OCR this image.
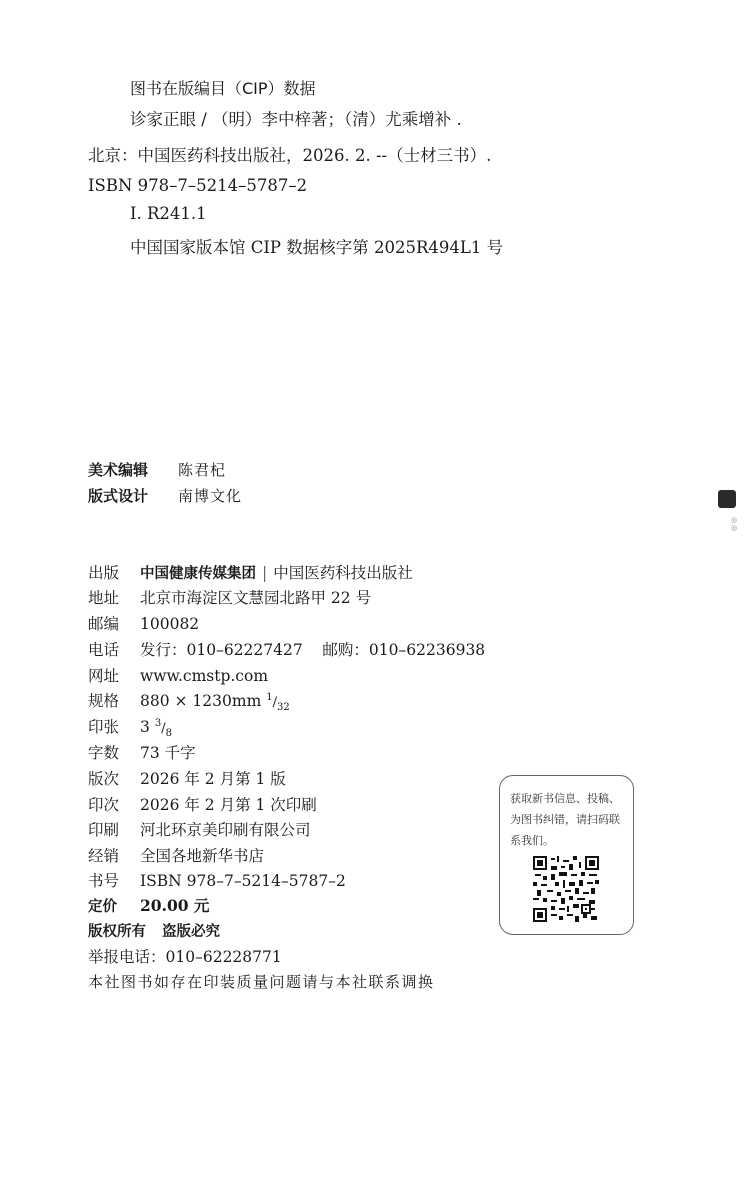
图书在版编目（CIP）数据
诊家正眼 / （明）李中梓著；（清）尤乘增补 .
北京：中国医药科技出版社，2026. 2. --（士材三书）.
ISBN 978–7–5214–5787–2
Ⅰ. R241.1
中国国家版本馆 CIP 数据核字第 2025R494L1 号
美术编辑 陈君杞
版式设计 南博文化
◎◎
出版 中国健康传媒集团 | 中国医药科技出版社
地址 北京市海淀区文慧园北路甲 22 号
邮编 100082
电话 发行：010–62227427    邮购：010–62236938
网址 www.cmstp.com
规格 880 × 1230mm $^1/_{32}$
印张 3 $^3/_8$
字数 73 千字
版次 2026 年 2 月第 1 版
印次 2026 年 2 月第 1 次印刷
印刷 河北环京美印刷有限公司
经销 全国各地新华书店
书号 ISBN 978–7–5214–5787–2
定价 20.00 元
版权所有 盗版必究
举报电话：010–62228771
本社图书如存在印装质量问题请与本社联系调换
获取新书信息、投稿、为图书纠错，请扫码联系我们。
